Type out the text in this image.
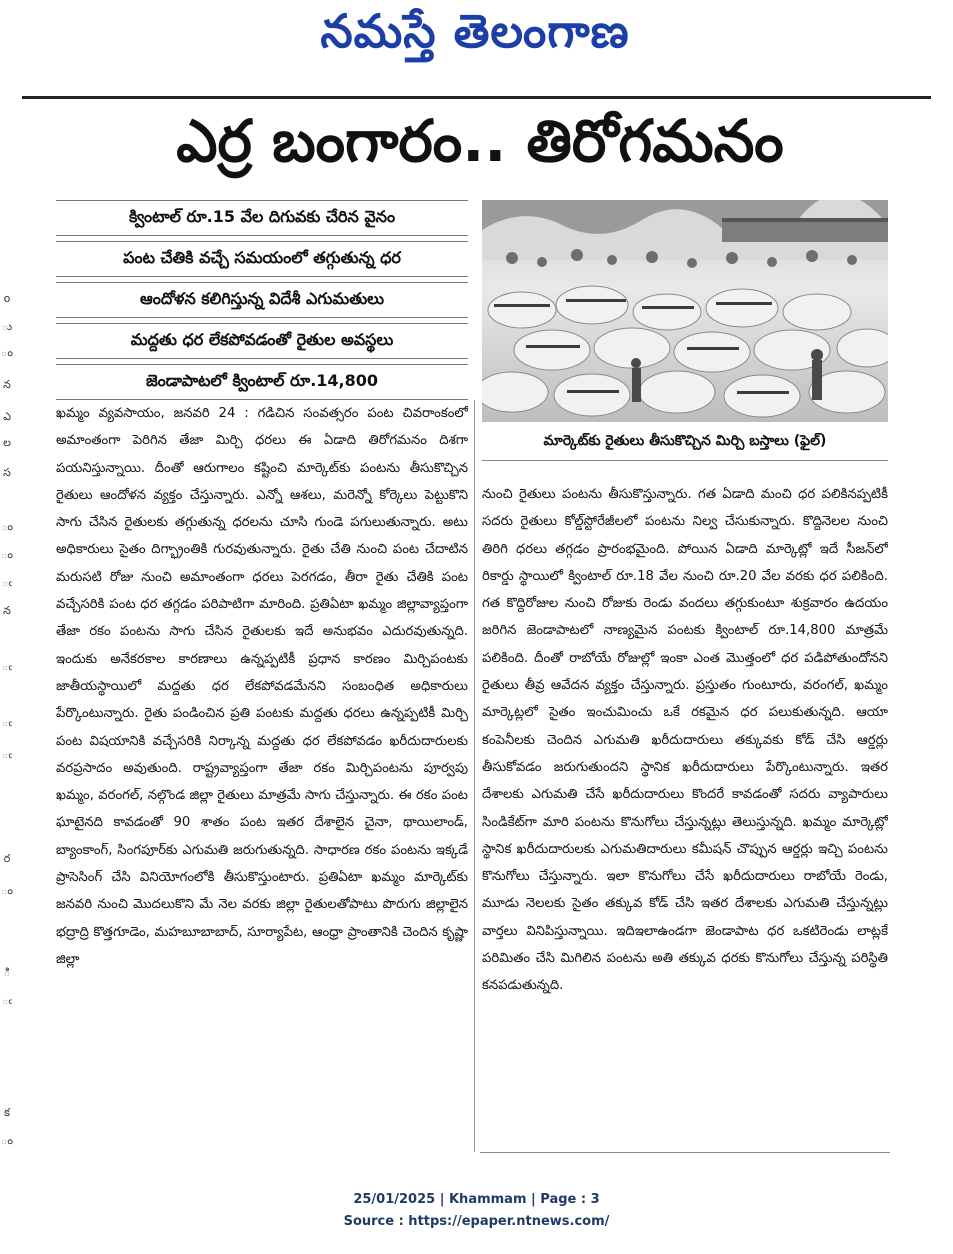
నమస్తే తెలంగాణ
ఎర్ర బంగారం.. తిరోగమనం
o
ు
ం
న
ఎ
ల
స
ం
ం
ఁ
న
ఁ
ఁ
ఁ
ర
ం
ి
ఁ
క
ం
క్వింటాల్ రూ.15 వేల దిగువకు చేరిన వైనం
పంట చేతికి వచ్చే సమయంలో తగ్గుతున్న ధర
ఆందోళన కలిగిస్తున్న విదేశీ ఎగుమతులు
మద్దతు ధర లేకపోవడంతో రైతుల అవస్థలు
జెండాపాటలో క్వింటాల్ రూ.14,800
మార్కెట్‌కు రైతులు తీసుకొచ్చిన మిర్చి బస్తాలు (ఫైల్)

ఖమ్మం వ్యవసాయం, జనవరి 24 : గడిచిన సంవత్సరం పంట చివరాంకంలో అమాంతంగా పెరిగిన తేజా మిర్చి ధరలు ఈ ఏడాది తిరోగమనం దిశగా పయనిస్తున్నాయి. దీంతో ఆరుగాలం కష్టించి మార్కెట్‌కు పంటను తీసుకొచ్చిన రైతులు ఆందోళన వ్యక్తం చేస్తున్నారు. ఎన్నో ఆశలు, మరెన్నో కోర్కెలు పెట్టుకొని సాగు చేసిన రైతులకు తగ్గుతున్న ధరలను చూసి గుండె పగులుతున్నారు. అటు అధికారులు సైతం దిగ్భ్రాంతికి గురవుతున్నారు. రైతు చేతి నుంచి పంట చేదాటిన మరుసటి రోజు నుంచి అమాంతంగా ధరలు పెరగడం, తీరా రైతు చేతికి పంట వచ్చేసరికి పంట ధర తగ్గడం పరిపాటిగా మారింది. ప్రతిఏటా ఖమ్మం జిల్లావ్యాప్తంగా తేజా రకం పంటను సాగు చేసిన రైతులకు ఇదే అనుభవం ఎదురవుతున్నది. ఇందుకు అనేకరకాల కారణాలు ఉన్నప్పటికీ ప్రధాన కారణం మిర్చిపంటకు జాతీయస్థాయిలో మద్దతు ధర లేకపోవడమేనని సంబంధిత అధికారులు పేర్కొంటున్నారు. రైతు పండించిన ప్రతి పంటకు మద్దతు ధరలు ఉన్నప్పటికీ మిర్చి పంట విషయానికి వచ్చేసరికి నిర్కాన్న మద్దతు ధర లేకపోవడం ఖరీదుదారులకు వరప్రసాదం అవుతుంది. రాష్ట్రవ్యాప్తంగా తేజా రకం మిర్చిపంటను పూర్వపు ఖమ్మం, వరంగల్, నల్గొండ జిల్లా రైతులు మాత్రమే సాగు చేస్తున్నారు. ఈ రకం పంట ఘాటైనది కావడంతో 90 శాతం పంట ఇతర దేశాలైన చైనా, థాయిలాండ్, బ్యాంకాంగ్, సింగపూర్‌కు ఎగుమతి జరుగుతున్నది. సాధారణ రకం పంటను ఇక్కడే ప్రాసెసింగ్ చేసి వినియోగంలోకి తీసుకొస్తుంటారు. ప్రతిఏటా ఖమ్మం మార్కెట్‌కు జనవరి నుంచి మొదలుకొని మే నెల వరకు జిల్లా రైతులతోపాటు పొరుగు జిల్లాలైన భద్రాద్రి కొత్తగూడెం, మహబూబాబాద్, సూర్యాపేట, ఆంధ్రా ప్రాంతానికి చెందిన కృష్ణా జిల్లా

నుంచి రైతులు పంటను తీసుకొస్తున్నారు. గత ఏడాది మంచి ధర పలికినప్పటికీ సదరు రైతులు కోల్డ్‌స్టోరేజీలలో పంటను నిల్వ చేసుకున్నారు. కొద్దినెలల నుంచి తిరిగి ధరలు తగ్గడం ప్రారంభమైంది. పోయిన ఏడాది మార్కెట్లో ఇదే సీజన్‌లో రికార్డు స్థాయిలో క్వింటాల్ రూ.18 వేల నుంచి రూ.20 వేల వరకు ధర పలికింది. గత కొద్దిరోజుల నుంచి రోజుకు రెండు వందలు తగ్గుకుంటూ శుక్రవారం ఉదయం జరిగిన జెండాపాటలో నాణ్యమైన పంటకు క్వింటాల్ రూ.14,800 మాత్రమే పలికింది. దీంతో రాబోయే రోజుల్లో ఇంకా ఎంత మొత్తంలో ధర పడిపోతుందోనని రైతులు తీవ్ర ఆవేదన వ్యక్తం చేస్తున్నారు. ప్రస్తుతం గుంటూరు, వరంగల్, ఖమ్మం మార్కెట్లలో సైతం ఇంచుమించు ఒకే రకమైన ధర పలుకుతున్నది. ఆయా కంపెనీలకు చెందిన ఎగుమతి ఖరీదుదారులు తక్కువకు కోడ్ చేసి ఆర్డర్లు తీసుకోవడం జరుగుతుందని స్థానిక ఖరీదుదారులు పేర్కొంటున్నారు. ఇతర దేశాలకు ఎగుమతి చేసే ఖరీదుదారులు కొందరే కావడంతో సదరు వ్యాపారులు సిండికేట్‌గా మారి పంటను కొనుగోలు చేస్తున్నట్లు తెలుస్తున్నది. ఖమ్మం మార్కెట్లో స్థానిక ఖరీదుదారులకు ఎగుమతిదారులు కమీషన్ చొప్పున ఆర్డర్లు ఇచ్చి పంటను కొనుగోలు చేస్తున్నారు. ఇలా కొనుగోలు చేసే ఖరీదుదారులు రాబోయే రెండు, మూడు నెలలకు సైతం తక్కువ కోడ్ చేసి ఇతర దేశాలకు ఎగుమతి చేస్తున్నట్లు వార్తలు వినిపిస్తున్నాయి. ఇదిఇలాఉండగా జెండాపాట ధర ఒకటిరెండు లాట్లకే పరిమితం చేసి మిగిలిన పంటను అతి తక్కువ ధరకు కొనుగోలు చేస్తున్న పరిస్థితి కనపడుతున్నది.

25/01/2025 | Khammam | Page : 3
Source : https://epaper.ntnews.com/
